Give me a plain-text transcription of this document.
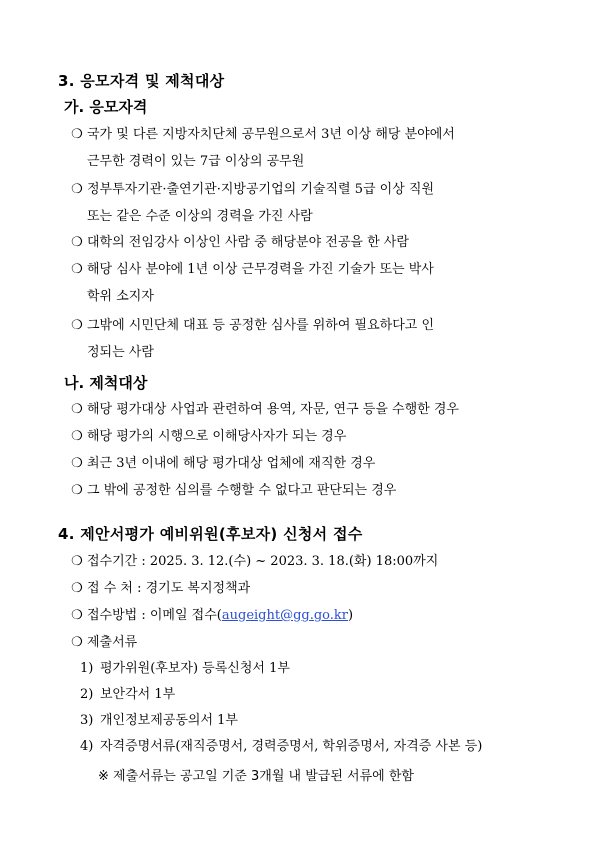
3. 응모자격 및 제척대상
가. 응모자격
❍ 국가 및 다른 지방자치단체 공무원으로서 3년 이상 해당 분야에서
근무한 경력이 있는 7급 이상의 공무원
❍ 정부투자기관·출연기관·지방공기업의 기술직렬 5급 이상 직원
또는 같은 수준 이상의 경력을 가진 사람
❍ 대학의 전임강사 이상인 사람 중 해당분야 전공을 한 사람
❍ 해당 심사 분야에 1년 이상 근무경력을 가진 기술가 또는 박사
학위 소지자
❍ 그밖에 시민단체 대표 등 공정한 심사를 위하여 필요하다고 인
정되는 사람
나. 제척대상
❍ 해당 평가대상 사업과 관련하여 용역, 자문, 연구 등을 수행한 경우
❍ 해당 평가의 시행으로 이해당사자가 되는 경우
❍ 최근 3년 이내에 해당 평가대상 업체에 재직한 경우
❍ 그 밖에 공정한 심의를 수행할 수 없다고 판단되는 경우
4. 제안서평가 예비위원(후보자) 신청서 접수
❍ 접수기간 : 2025. 3. 12.(수) ~ 2023. 3. 18.(화) 18:00까지
❍ 접 수 처 : 경기도 복지정책과
❍ 접수방법 : 이메일 접수(augeight@gg.go.kr)
❍ 제출서류
1) 평가위원(후보자) 등록신청서 1부
2) 보안각서 1부
3) 개인정보제공동의서 1부
4) 자격증명서류(재직증명서, 경력증명서, 학위증명서, 자격증 사본 등)
※ 제출서류는 공고일 기준 3개월 내 발급된 서류에 한함
